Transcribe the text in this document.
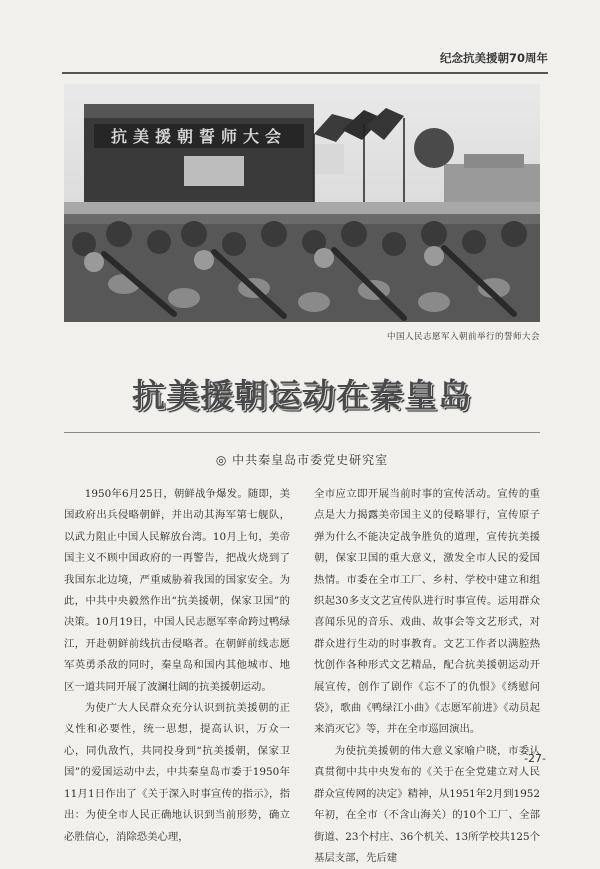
纪念抗美援朝70周年
抗美援朝誓师大会
中国人民志愿军入朝前举行的誓师大会
抗美援朝运动在秦皇岛
◎ 中共秦皇岛市委党史研究室

1950年6月25日，朝鲜战争爆发。随即，美国政府出兵侵略朝鲜，并出动其海军第七舰队，以武力阻止中国人民解放台湾。10月上旬，美帝国主义不顾中国政府的一再警告，把战火烧到了我国东北边境，严重威胁着我国的国家安全。为此，中共中央毅然作出“抗美援朝，保家卫国”的决策。10月19日，中国人民志愿军率命跨过鸭绿江，开赴朝鲜前线抗击侵略者。在朝鲜前线志愿军英勇杀敌的同时，秦皇岛和国内其他城市、地区一道共同开展了波澜壮阔的抗美援朝运动。

为使广大人民群众充分认识到抗美援朝的正义性和必要性，统一思想，提高认识，万众一心，同仇敌忾，共同投身到“抗美援朝，保家卫国”的爱国运动中去，中共秦皇岛市委于1950年11月1日作出了《关于深入时事宣传的指示》，指出：为使全市人民正确地认识到当前形势，确立必胜信心，消除恐美心理，

全市应立即开展当前时事的宣传活动。宣传的重点是大力揭露美帝国主义的侵略罪行，宣传原子弹为什么不能决定战争胜负的道理，宣传抗美援朝，保家卫国的重大意义，激发全市人民的爱国热情。市委在全市工厂、乡村、学校中建立和组织起30多支文艺宣传队进行时事宣传。运用群众喜闻乐见的音乐、戏曲、故事会等文艺形式，对群众进行生动的时事教育。文艺工作者以满腔热忱创作各种形式文艺精品，配合抗美援朝运动开展宣传，创作了剧作《忘不了的仇恨》《绣慰问袋》，歌曲《鸭绿江小曲》《志愿军前进》《动员起来消灭它》等，并在全市巡回演出。

为使抗美援朝的伟大意义家喻户晓，市委认真贯彻中共中央发布的《关于在全党建立对人民群众宣传网的决定》精神，从1951年2月到1952年初，在全市（不含山海关）的10个工厂、全部街道、23个村庄、36个机关、13所学校共125个基层支部，先后建

-27-
